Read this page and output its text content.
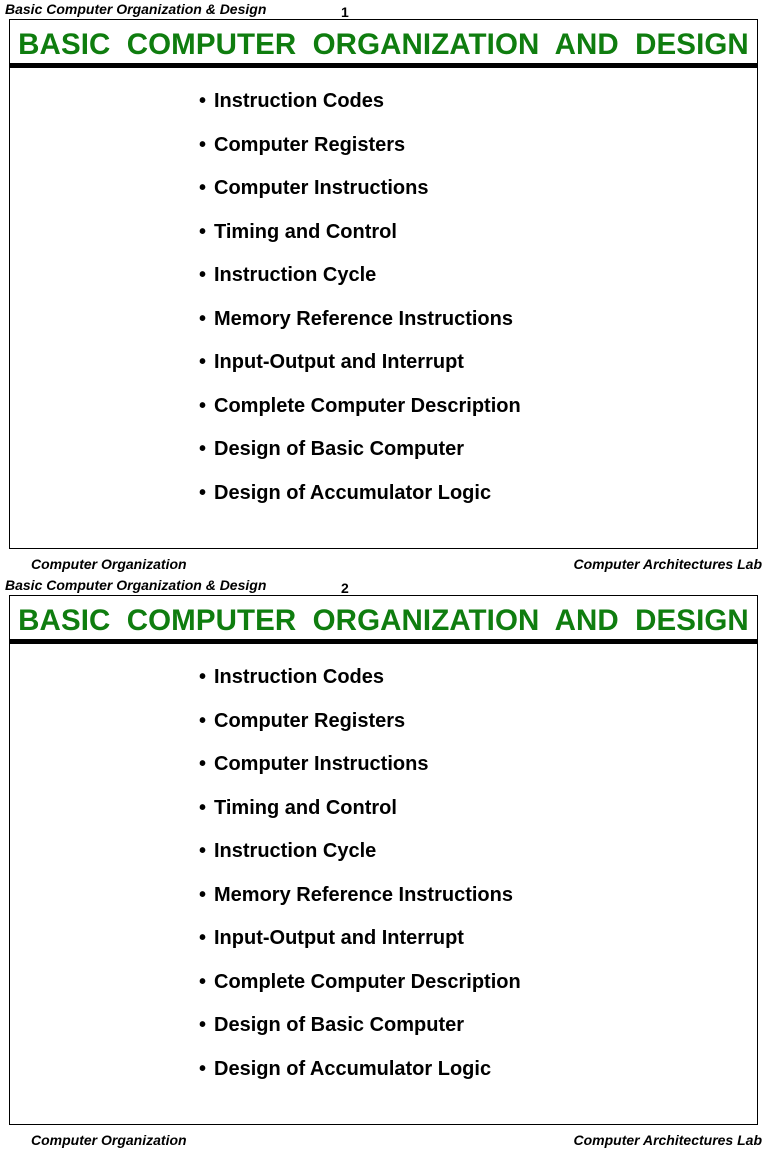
Basic Computer Organization & Design	1
BASIC COMPUTER ORGANIZATION AND DESIGN
• Instruction Codes
• Computer Registers
• Computer Instructions
• Timing and Control
• Instruction Cycle
• Memory Reference Instructions
• Input-Output and Interrupt
• Complete Computer Description
• Design of Basic Computer
• Design of Accumulator Logic
Computer Organization	Computer Architectures Lab
Basic Computer Organization & Design	2
BASIC COMPUTER ORGANIZATION AND DESIGN
• Instruction Codes
• Computer Registers
• Computer Instructions
• Timing and Control
• Instruction Cycle
• Memory Reference Instructions
• Input-Output and Interrupt
• Complete Computer Description
• Design of Basic Computer
• Design of Accumulator Logic
Computer Organization	Computer Architectures Lab
